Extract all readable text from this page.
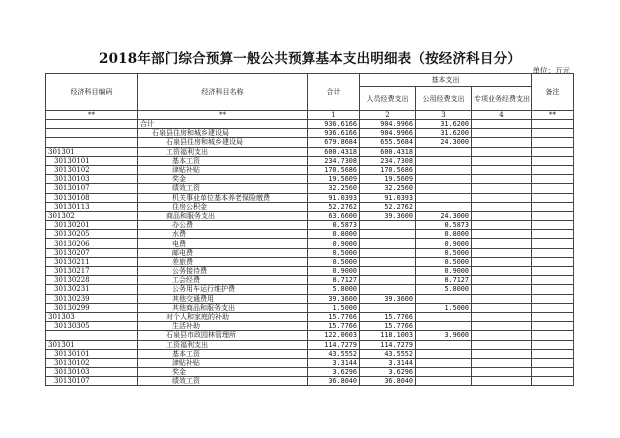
2018年部门综合预算一般公共预算基本支出明细表（按经济科目分）
单位：万元
经济科目编码	经济科目名称	合计	基本支出			备注
			人员经费支出	公用经费支出	专项业务经费支出	
**	**	1	2	3	4	**
	合计	936.6166	904.9966	31.6200		
	石泉县住房和城乡建设局	936.6166	904.9966	31.6200		
	石泉县住房和城乡建设局	679.8684	655.5684	24.3000		
301301	工资福利支出	600.4318	600.4318			
30130101	基本工资	234.7308	234.7308			
30130102	津贴补贴	170.5686	170.5686			
30130103	奖金	19.5609	19.5609			
30130107	绩效工资	32.2560	32.2560			
30130108	机关事业单位基本养老保险缴费	91.0393	91.0393			
30130113	住房公积金	52.2762	52.2762			
301302	商品和服务支出	63.6600	39.3600	24.3000		
30130201	办公费	0.5873		0.5873		
30130205	水费	0.8000		0.8000		
30130206	电费	0.9000		0.9000		
30130207	邮电费	0.5000		0.5000		
30130211	差旅费	0.5000		0.5000		
30130217	公务接待费	0.9000		0.9000		
30130228	工会经费	8.7127		8.7127		
30130231	公务用车运行维护费	5.8000		5.8000		
30130239	其他交通费用	39.3600	39.3600			
30130299	其他商品和服务支出	1.5000		1.5000		
301303	对个人和家庭的补助	15.7766	15.7766			
30130305	生活补助	15.7766	15.7766			
	石泉县市政园林管理所	122.0603	118.1003	3.9600		
301301	工资福利支出	114.7279	114.7279			
30130101	基本工资	43.5552	43.5552			
30130102	津贴补贴	3.3144	3.3144			
30130103	奖金	3.6296	3.6296			
30130107	绩效工资	36.8040	36.8040			
